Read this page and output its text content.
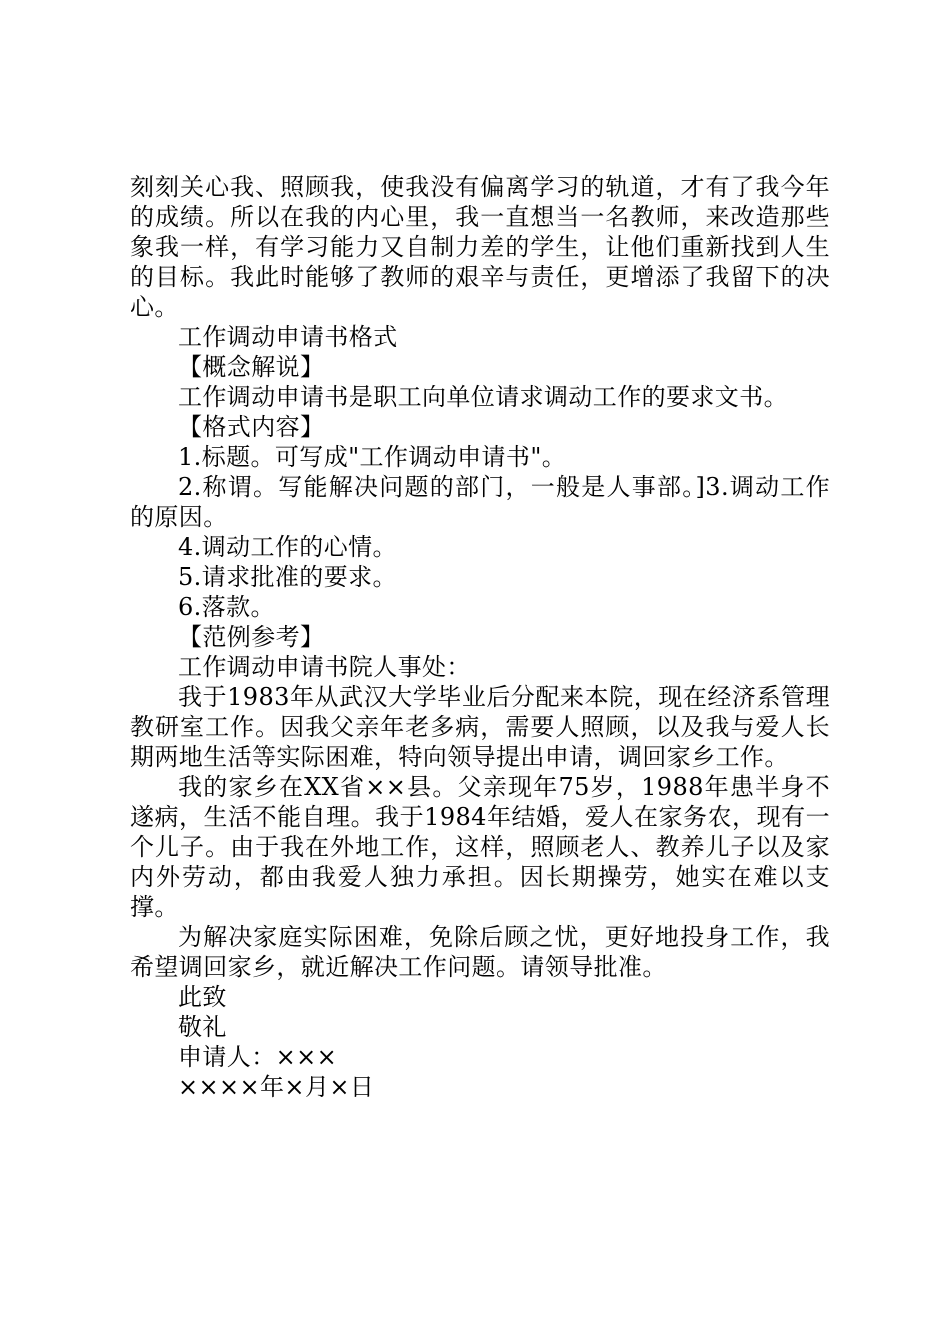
刻刻关心我、照顾我，使我没有偏离学习的轨道，才有了我今年的成绩。所以在我的内心里，我一直想当一名教师，来改造那些象我一样，有学习能力又自制力差的学生，让他们重新找到人生的目标。我此时能够了教师的艰辛与责任，更增添了我留下的决心。

工作调动申请书格式

【概念解说】

工作调动申请书是职工向单位请求调动工作的要求文书。

【格式内容】

1.标题。可写成"工作调动申请书"。

2.称谓。写能解决问题的部门，一般是人事部。]3.调动工作的原因。

4.调动工作的心情。

5.请求批准的要求。

6.落款。

【范例参考】

工作调动申请书院人事处：

我于1983年从武汉大学毕业后分配来本院，现在经济系管理教研室工作。因我父亲年老多病，需要人照顾，以及我与爱人长期两地生活等实际困难，特向领导提出申请，调回家乡工作。

我的家乡在XX省××县。父亲现年75岁，1988年患半身不遂病，生活不能自理。我于1984年结婚，爱人在家务农，现有一个儿子。由于我在外地工作，这样，照顾老人、教养儿子以及家内外劳动，都由我爱人独力承担。因长期操劳，她实在难以支撑。

为解决家庭实际困难，免除后顾之忧，更好地投身工作，我希望调回家乡，就近解决工作问题。请领导批准。

此致

敬礼

申请人：×××

××××年×月×日
